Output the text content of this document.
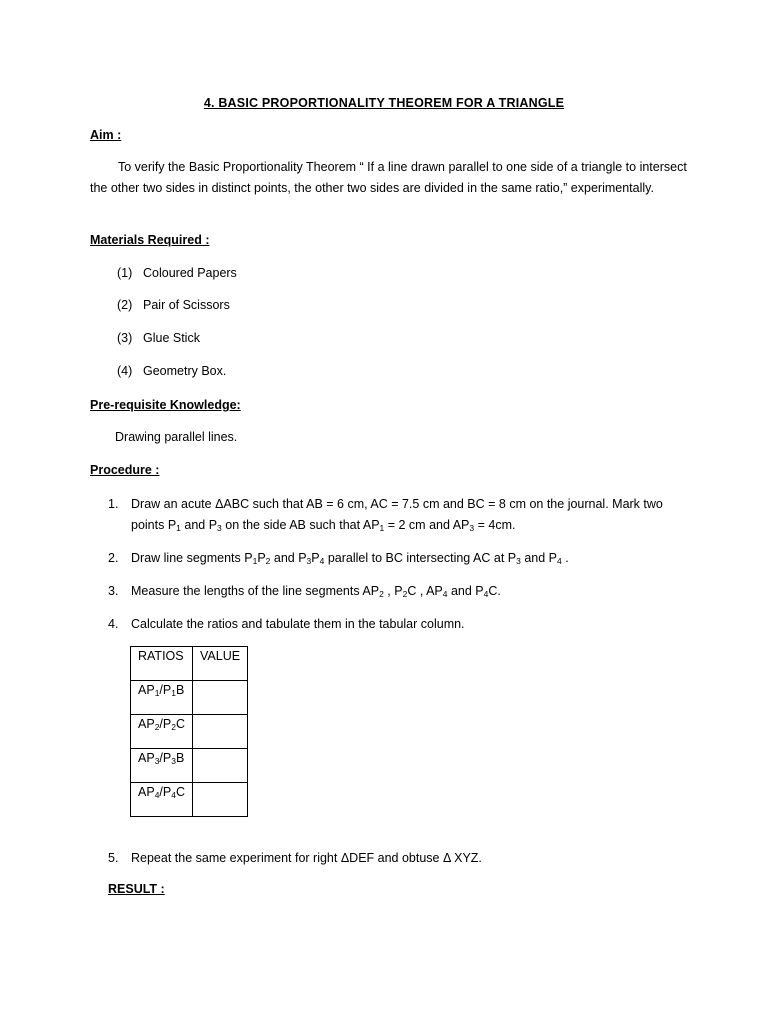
4. BASIC PROPORTIONALITY THEOREM FOR A TRIANGLE
Aim :
To verify the Basic Proportionality Theorem “ If a line drawn parallel to one side of a triangle to intersect the other two sides in distinct points, the other two sides are divided in the same ratio,” experimentally.
Materials Required :
(1) Coloured Papers
(2) Pair of Scissors
(3) Glue Stick
(4) Geometry Box.
Pre-requisite Knowledge:
Drawing parallel lines.
Procedure :
1. Draw an acute ΔABC such that AB = 6 cm, AC = 7.5 cm and BC = 8 cm on the journal. Mark two points $P_1$ and $P_3$ on the side AB such that $AP_1 = 2$ cm and $AP_3 = 4cm$.
2. Draw line segments $P_1P_2$ and $P_3P_4$ parallel to BC intersecting AC at $P_3$ and $P_4$ .
3. Measure the lengths of the line segments $AP_2$ , $P_2C$ , $AP_4$ and $P_4C$.
4. Calculate the ratios and tabulate them in the tabular column.
RATIOS	VALUE
$AP_1/P_1B$	
$AP_2/P_2C$	
$AP_3/P_3B$	
$AP_4/P_4C$	
5. Repeat the same experiment for right ΔDEF and obtuse Δ XYZ.
RESULT :
